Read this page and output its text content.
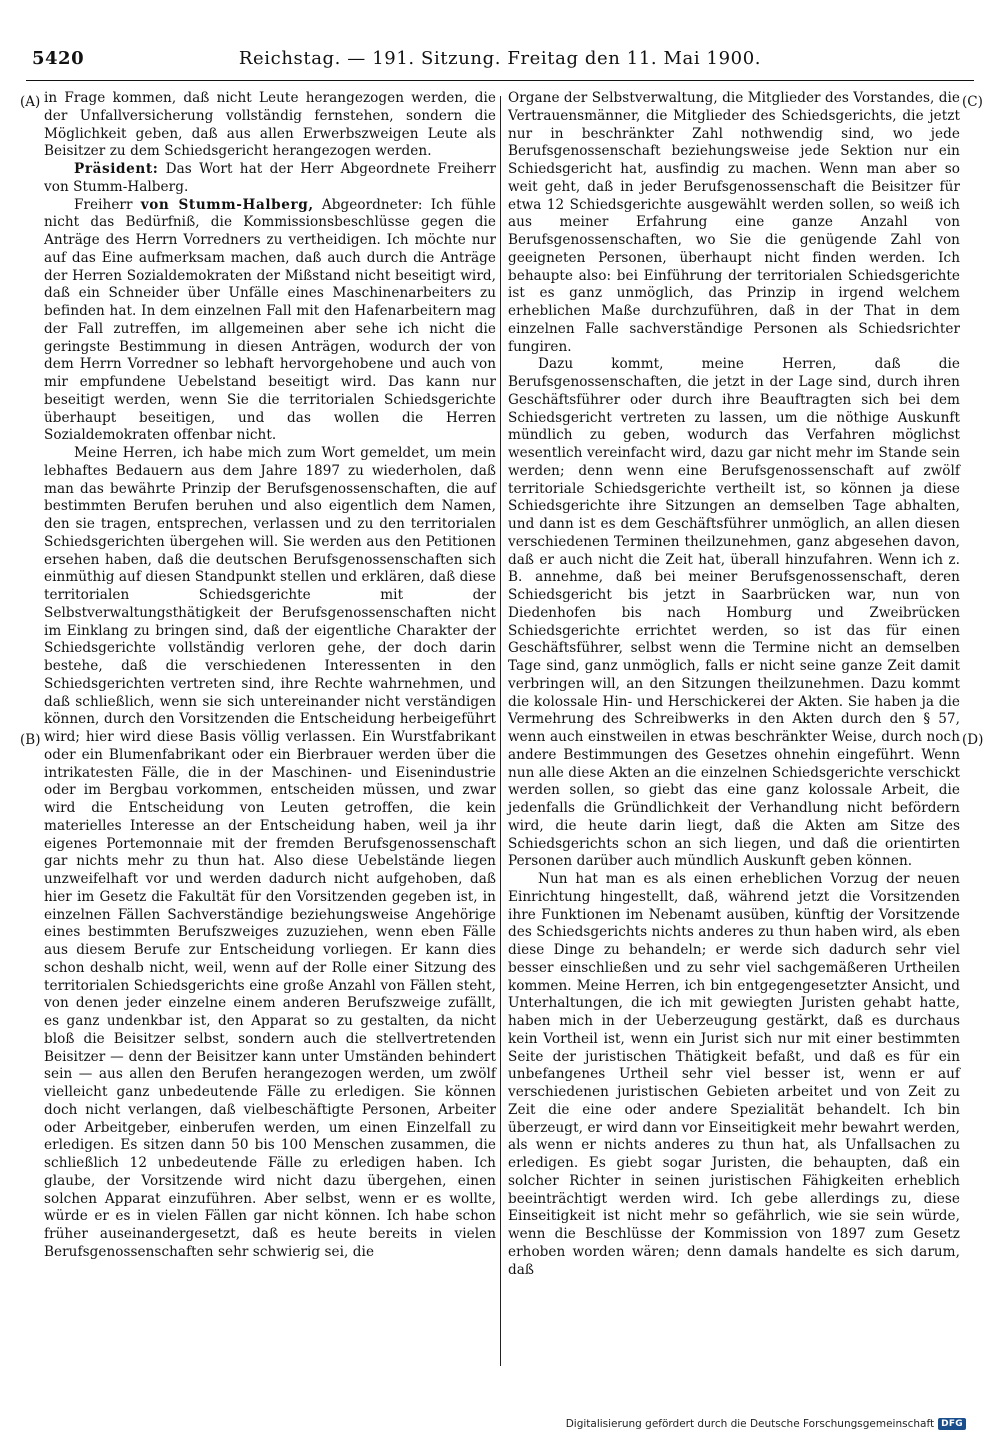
5420	Reichstag. — 191. Sitzung. Freitag den 11. Mai 1900.
(A)
(B)
(C)
(D)

in Frage kommen, daß nicht Leute herangezogen werden, die der Unfallversicherung vollständig fernstehen, sondern die Möglichkeit geben, daß aus allen Erwerbszweigen Leute als Beisitzer zu dem Schiedsgericht herangezogen werden.

Präsident: Das Wort hat der Herr Abgeordnete Freiherr von Stumm-Halberg.

Freiherr von Stumm-Halberg, Abgeordneter: Ich fühle nicht das Bedürfniß, die Kommissionsbeschlüsse gegen die Anträge des Herrn Vorredners zu vertheidigen. Ich möchte nur auf das Eine aufmerksam machen, daß auch durch die Anträge der Herren Sozialdemokraten der Mißstand nicht beseitigt wird, daß ein Schneider über Unfälle eines Maschinenarbeiters zu befinden hat. In dem einzelnen Fall mit den Hafenarbeitern mag der Fall zutreffen, im allgemeinen aber sehe ich nicht die geringste Bestimmung in diesen Anträgen, wodurch der von dem Herrn Vorredner so lebhaft hervorgehobene und auch von mir empfundene Uebelstand beseitigt wird. Das kann nur beseitigt werden, wenn Sie die territorialen Schiedsgerichte überhaupt beseitigen, und das wollen die Herren Sozialdemokraten offenbar nicht.

Meine Herren, ich habe mich zum Wort gemeldet, um mein lebhaftes Bedauern aus dem Jahre 1897 zu wiederholen, daß man das bewährte Prinzip der Berufsgenossenschaften, die auf bestimmten Berufen beruhen und also eigentlich dem Namen, den sie tragen, entsprechen, verlassen und zu den territorialen Schiedsgerichten übergehen will. Sie werden aus den Petitionen ersehen haben, daß die deutschen Berufsgenossenschaften sich einmüthig auf diesen Standpunkt stellen und erklären, daß diese territorialen Schiedsgerichte mit der Selbstverwaltungsthätigkeit der Berufsgenossenschaften nicht im Einklang zu bringen sind, daß der eigentliche Charakter der Schiedsgerichte vollständig verloren gehe, der doch darin bestehe, daß die verschiedenen Interessenten in den Schiedsgerichten vertreten sind, ihre Rechte wahrnehmen, und daß schließlich, wenn sie sich untereinander nicht verständigen können, durch den Vorsitzenden die Entscheidung herbeigeführt wird; hier wird diese Basis völlig verlassen. Ein Wurstfabrikant oder ein Blumenfabrikant oder ein Bierbrauer werden über die intrikatesten Fälle, die in der Maschinen- und Eisenindustrie oder im Bergbau vorkommen, entscheiden müssen, und zwar wird die Entscheidung von Leuten getroffen, die kein materielles Interesse an der Entscheidung haben, weil ja ihr eigenes Portemonnaie mit der fremden Berufsgenossenschaft gar nichts mehr zu thun hat. Also diese Uebelstände liegen unzweifelhaft vor und werden dadurch nicht aufgehoben, daß hier im Gesetz die Fakultät für den Vorsitzenden gegeben ist, in einzelnen Fällen Sachverständige beziehungsweise Angehörige eines bestimmten Berufszweiges zuzuziehen, wenn eben Fälle aus diesem Berufe zur Entscheidung vorliegen. Er kann dies schon deshalb nicht, weil, wenn auf der Rolle einer Sitzung des territorialen Schiedsgerichts eine große Anzahl von Fällen steht, von denen jeder einzelne einem anderen Berufszweige zufällt, es ganz undenkbar ist, den Apparat so zu gestalten, da nicht bloß die Beisitzer selbst, sondern auch die stellvertretenden Beisitzer — denn der Beisitzer kann unter Umständen behindert sein — aus allen den Berufen herangezogen werden, um zwölf vielleicht ganz unbedeutende Fälle zu erledigen. Sie können doch nicht verlangen, daß vielbeschäftigte Personen, Arbeiter oder Arbeitgeber, einberufen werden, um einen Einzelfall zu erledigen. Es sitzen dann 50 bis 100 Menschen zusammen, die schließlich 12 unbedeutende Fälle zu erledigen haben. Ich glaube, der Vorsitzende wird nicht dazu übergehen, einen solchen Apparat einzuführen. Aber selbst, wenn er es wollte, würde er es in vielen Fällen gar nicht können. Ich habe schon früher auseinandergesetzt, daß es heute bereits in vielen Berufsgenossenschaften sehr schwierig sei, die

Organe der Selbstverwaltung, die Mitglieder des Vorstandes, die Vertrauensmänner, die Mitglieder des Schiedsgerichts, die jetzt nur in beschränkter Zahl nothwendig sind, wo jede Berufsgenossenschaft beziehungsweise jede Sektion nur ein Schiedsgericht hat, ausfindig zu machen. Wenn man aber so weit geht, daß in jeder Berufsgenossenschaft die Beisitzer für etwa 12 Schiedsgerichte ausgewählt werden sollen, so weiß ich aus meiner Erfahrung eine ganze Anzahl von Berufsgenossenschaften, wo Sie die genügende Zahl von geeigneten Personen, überhaupt nicht finden werden. Ich behaupte also: bei Einführung der territorialen Schiedsgerichte ist es ganz unmöglich, das Prinzip in irgend welchem erheblichen Maße durchzuführen, daß in der That in dem einzelnen Falle sachverständige Personen als Schiedsrichter fungiren.

Dazu kommt, meine Herren, daß die Berufsgenossenschaften, die jetzt in der Lage sind, durch ihren Geschäftsführer oder durch ihre Beauftragten sich bei dem Schiedsgericht vertreten zu lassen, um die nöthige Auskunft mündlich zu geben, wodurch das Verfahren möglichst wesentlich vereinfacht wird, dazu gar nicht mehr im Stande sein werden; denn wenn eine Berufsgenossenschaft auf zwölf territoriale Schiedsgerichte vertheilt ist, so können ja diese Schiedsgerichte ihre Sitzungen an demselben Tage abhalten, und dann ist es dem Geschäftsführer unmöglich, an allen diesen verschiedenen Terminen theilzunehmen, ganz abgesehen davon, daß er auch nicht die Zeit hat, überall hinzufahren. Wenn ich z. B. annehme, daß bei meiner Berufsgenossenschaft, deren Schiedsgericht bis jetzt in Saarbrücken war, nun von Diedenhofen bis nach Homburg und Zweibrücken Schiedsgerichte errichtet werden, so ist das für einen Geschäftsführer, selbst wenn die Termine nicht an demselben Tage sind, ganz unmöglich, falls er nicht seine ganze Zeit damit verbringen will, an den Sitzungen theilzunehmen. Dazu kommt die kolossale Hin- und Herschickerei der Akten. Sie haben ja die Vermehrung des Schreibwerks in den Akten durch den § 57, wenn auch einstweilen in etwas beschränkter Weise, durch noch andere Bestimmungen des Gesetzes ohnehin eingeführt. Wenn nun alle diese Akten an die einzelnen Schiedsgerichte verschickt werden sollen, so giebt das eine ganz kolossale Arbeit, die jedenfalls die Gründlichkeit der Verhandlung nicht befördern wird, die heute darin liegt, daß die Akten am Sitze des Schiedsgerichts schon an sich liegen, und daß die orientirten Personen darüber auch mündlich Auskunft geben können.

Nun hat man es als einen erheblichen Vorzug der neuen Einrichtung hingestellt, daß, während jetzt die Vorsitzenden ihre Funktionen im Nebenamt ausüben, künftig der Vorsitzende des Schiedsgerichts nichts anderes zu thun haben wird, als eben diese Dinge zu behandeln; er werde sich dadurch sehr viel besser einschließen und zu sehr viel sachgemäßeren Urtheilen kommen. Meine Herren, ich bin entgegengesetzter Ansicht, und Unterhaltungen, die ich mit gewiegten Juristen gehabt hatte, haben mich in der Ueberzeugung gestärkt, daß es durchaus kein Vortheil ist, wenn ein Jurist sich nur mit einer bestimmten Seite der juristischen Thätigkeit befaßt, und daß es für ein unbefangenes Urtheil sehr viel besser ist, wenn er auf verschiedenen juristischen Gebieten arbeitet und von Zeit zu Zeit die eine oder andere Spezialität behandelt. Ich bin überzeugt, er wird dann vor Einseitigkeit mehr bewahrt werden, als wenn er nichts anderes zu thun hat, als Unfallsachen zu erledigen. Es giebt sogar Juristen, die behaupten, daß ein solcher Richter in seinen juristischen Fähigkeiten erheblich beeinträchtigt werden wird. Ich gebe allerdings zu, diese Einseitigkeit ist nicht mehr so gefährlich, wie sie sein würde, wenn die Beschlüsse der Kommission von 1897 zum Gesetz erhoben worden wären; denn damals handelte es sich darum, daß

Digitalisierung gefördert durch die Deutsche Forschungsgemeinschaft DFG
